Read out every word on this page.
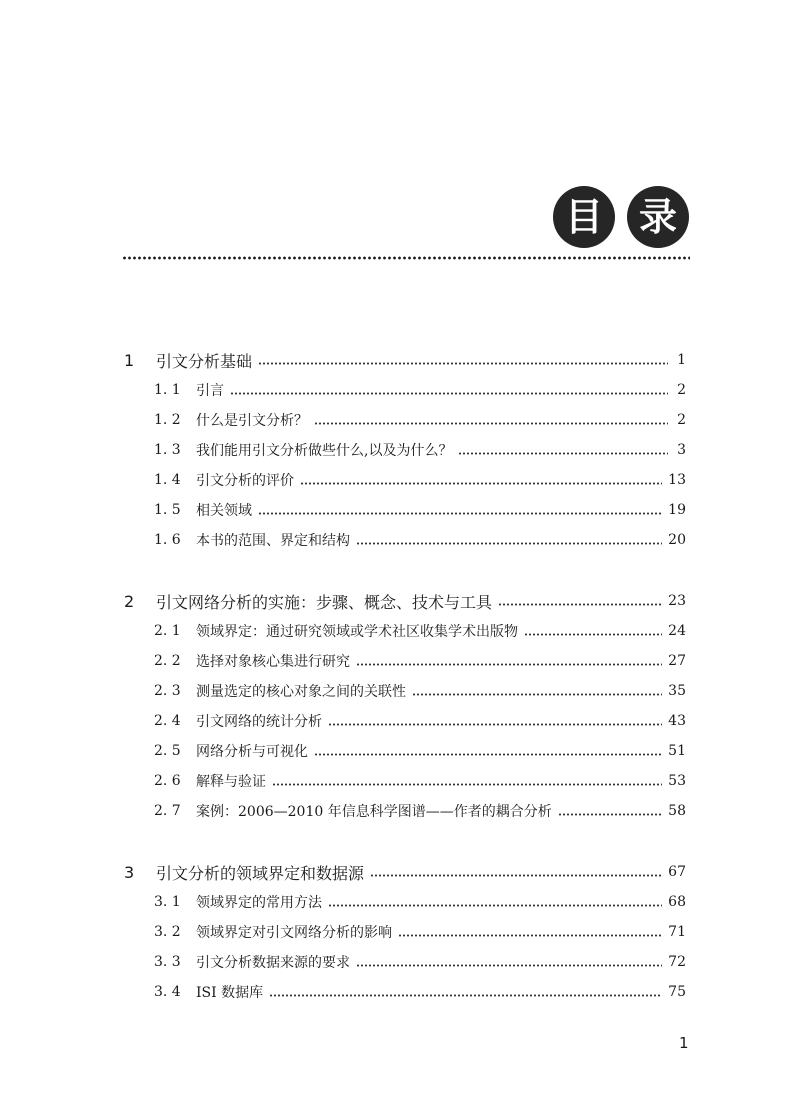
目 录
1	引文分析基础	1
1. 1	引言	2
1. 2	什么是引文分析？	2
1. 3	我们能用引文分析做些什么,以及为什么？	3
1. 4	引文分析的评价	13
1. 5	相关领域	19
1. 6	本书的范围、界定和结构	20
2	引文网络分析的实施：步骤、概念、技术与工具	23
2. 1	领域界定：通过研究领域或学术社区收集学术出版物	24
2. 2	选择对象核心集进行研究	27
2. 3	测量选定的核心对象之间的关联性	35
2. 4	引文网络的统计分析	43
2. 5	网络分析与可视化	51
2. 6	解释与验证	53
2. 7	案例：2006—2010 年信息科学图谱——作者的耦合分析	58
3	引文分析的领域界定和数据源	67
3. 1	领域界定的常用方法	68
3. 2	领域界定对引文网络分析的影响	71
3. 3	引文分析数据来源的要求	72
3. 4	ISI 数据库	75
1
